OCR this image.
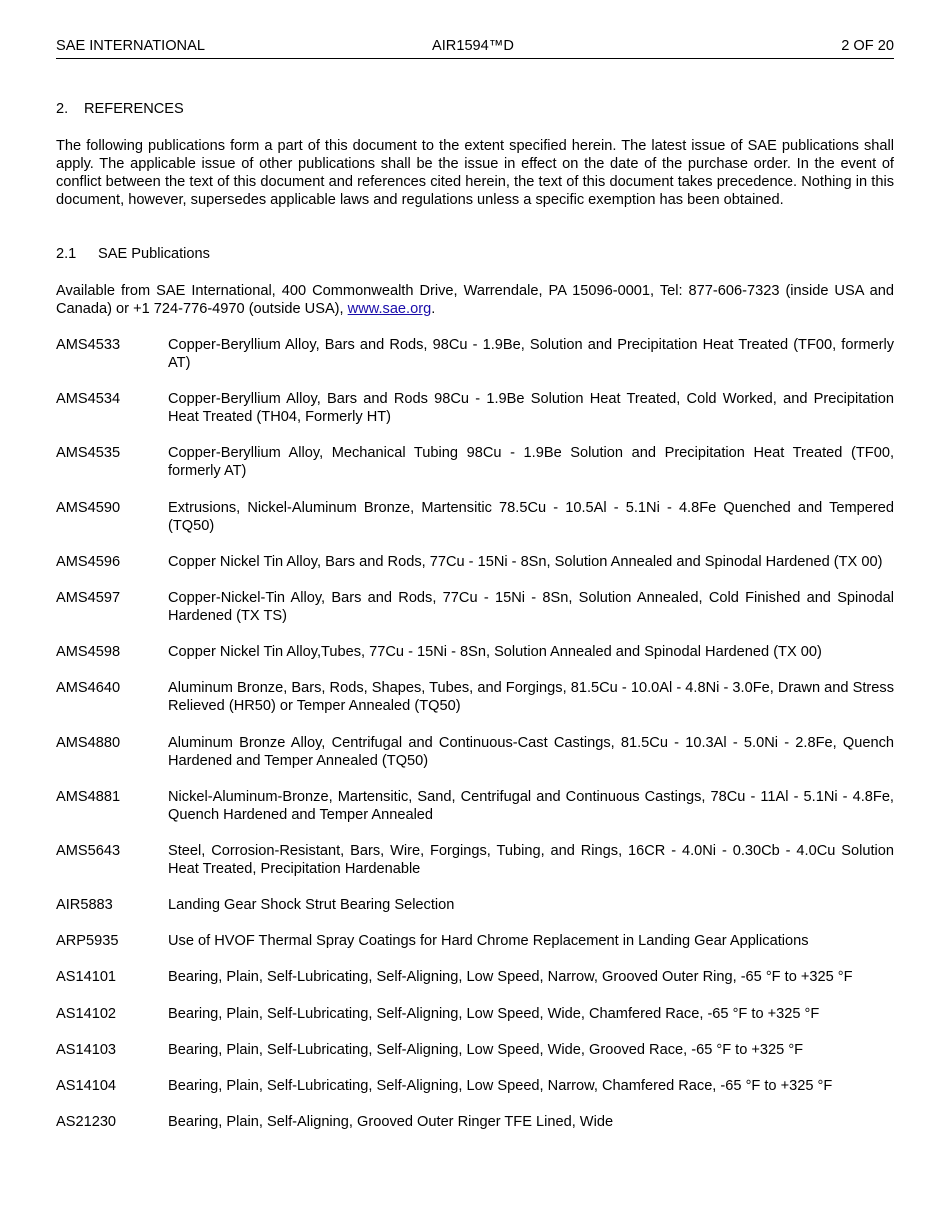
SAE INTERNATIONAL	AIR1594™D	2 OF 20
2. REFERENCES

The following publications form a part of this document to the extent specified herein. The latest issue of SAE publications shall apply. The applicable issue of other publications shall be the issue in effect on the date of the purchase order. In the event of conflict between the text of this document and references cited herein, the text of this document takes precedence. Nothing in this document, however, supersedes applicable laws and regulations unless a specific exemption has been obtained.

2.1 SAE Publications

Available from SAE International, 400 Commonwealth Drive, Warrendale, PA 15096-0001, Tel: 877-606-7323 (inside USA and Canada) or +1 724-776-4970 (outside USA), www.sae.org.

AMS4533	Copper-Beryllium Alloy, Bars and Rods, 98Cu - 1.9Be, Solution and Precipitation Heat Treated (TF00, formerly AT)
AMS4534	Copper-Beryllium Alloy, Bars and Rods 98Cu - 1.9Be Solution Heat Treated, Cold Worked, and Precipitation Heat Treated (TH04, Formerly HT)
AMS4535	Copper-Beryllium Alloy, Mechanical Tubing 98Cu - 1.9Be Solution and Precipitation Heat Treated (TF00, formerly AT)
AMS4590	Extrusions, Nickel-Aluminum Bronze, Martensitic 78.5Cu - 10.5Al - 5.1Ni - 4.8Fe Quenched and Tempered (TQ50)
AMS4596	Copper Nickel Tin Alloy, Bars and Rods, 77Cu - 15Ni - 8Sn, Solution Annealed and Spinodal Hardened (TX 00)
AMS4597	Copper-Nickel-Tin Alloy, Bars and Rods, 77Cu - 15Ni - 8Sn, Solution Annealed, Cold Finished and Spinodal Hardened (TX TS)
AMS4598	Copper Nickel Tin Alloy,Tubes, 77Cu - 15Ni - 8Sn, Solution Annealed and Spinodal Hardened (TX 00)
AMS4640	Aluminum Bronze, Bars, Rods, Shapes, Tubes, and Forgings, 81.5Cu - 10.0Al - 4.8Ni - 3.0Fe, Drawn and Stress Relieved (HR50) or Temper Annealed (TQ50)
AMS4880	Aluminum Bronze Alloy, Centrifugal and Continuous-Cast Castings, 81.5Cu - 10.3Al - 5.0Ni - 2.8Fe, Quench Hardened and Temper Annealed (TQ50)
AMS4881	Nickel-Aluminum-Bronze, Martensitic, Sand, Centrifugal and Continuous Castings, 78Cu - 11Al - 5.1Ni - 4.8Fe, Quench Hardened and Temper Annealed
AMS5643	Steel, Corrosion-Resistant, Bars, Wire, Forgings, Tubing, and Rings, 16CR - 4.0Ni - 0.30Cb - 4.0Cu Solution Heat Treated, Precipitation Hardenable
AIR5883	Landing Gear Shock Strut Bearing Selection
ARP5935	Use of HVOF Thermal Spray Coatings for Hard Chrome Replacement in Landing Gear Applications
AS14101	Bearing, Plain, Self-Lubricating, Self-Aligning, Low Speed, Narrow, Grooved Outer Ring, -65 °F to +325 °F
AS14102	Bearing, Plain, Self-Lubricating, Self-Aligning, Low Speed, Wide, Chamfered Race, -65 °F to +325 °F
AS14103	Bearing, Plain, Self-Lubricating, Self-Aligning, Low Speed, Wide, Grooved Race, -65 °F to +325 °F
AS14104	Bearing, Plain, Self-Lubricating, Self-Aligning, Low Speed, Narrow, Chamfered Race, -65 °F to +325 °F
AS21230	Bearing, Plain, Self-Aligning, Grooved Outer Ringer TFE Lined, Wide
